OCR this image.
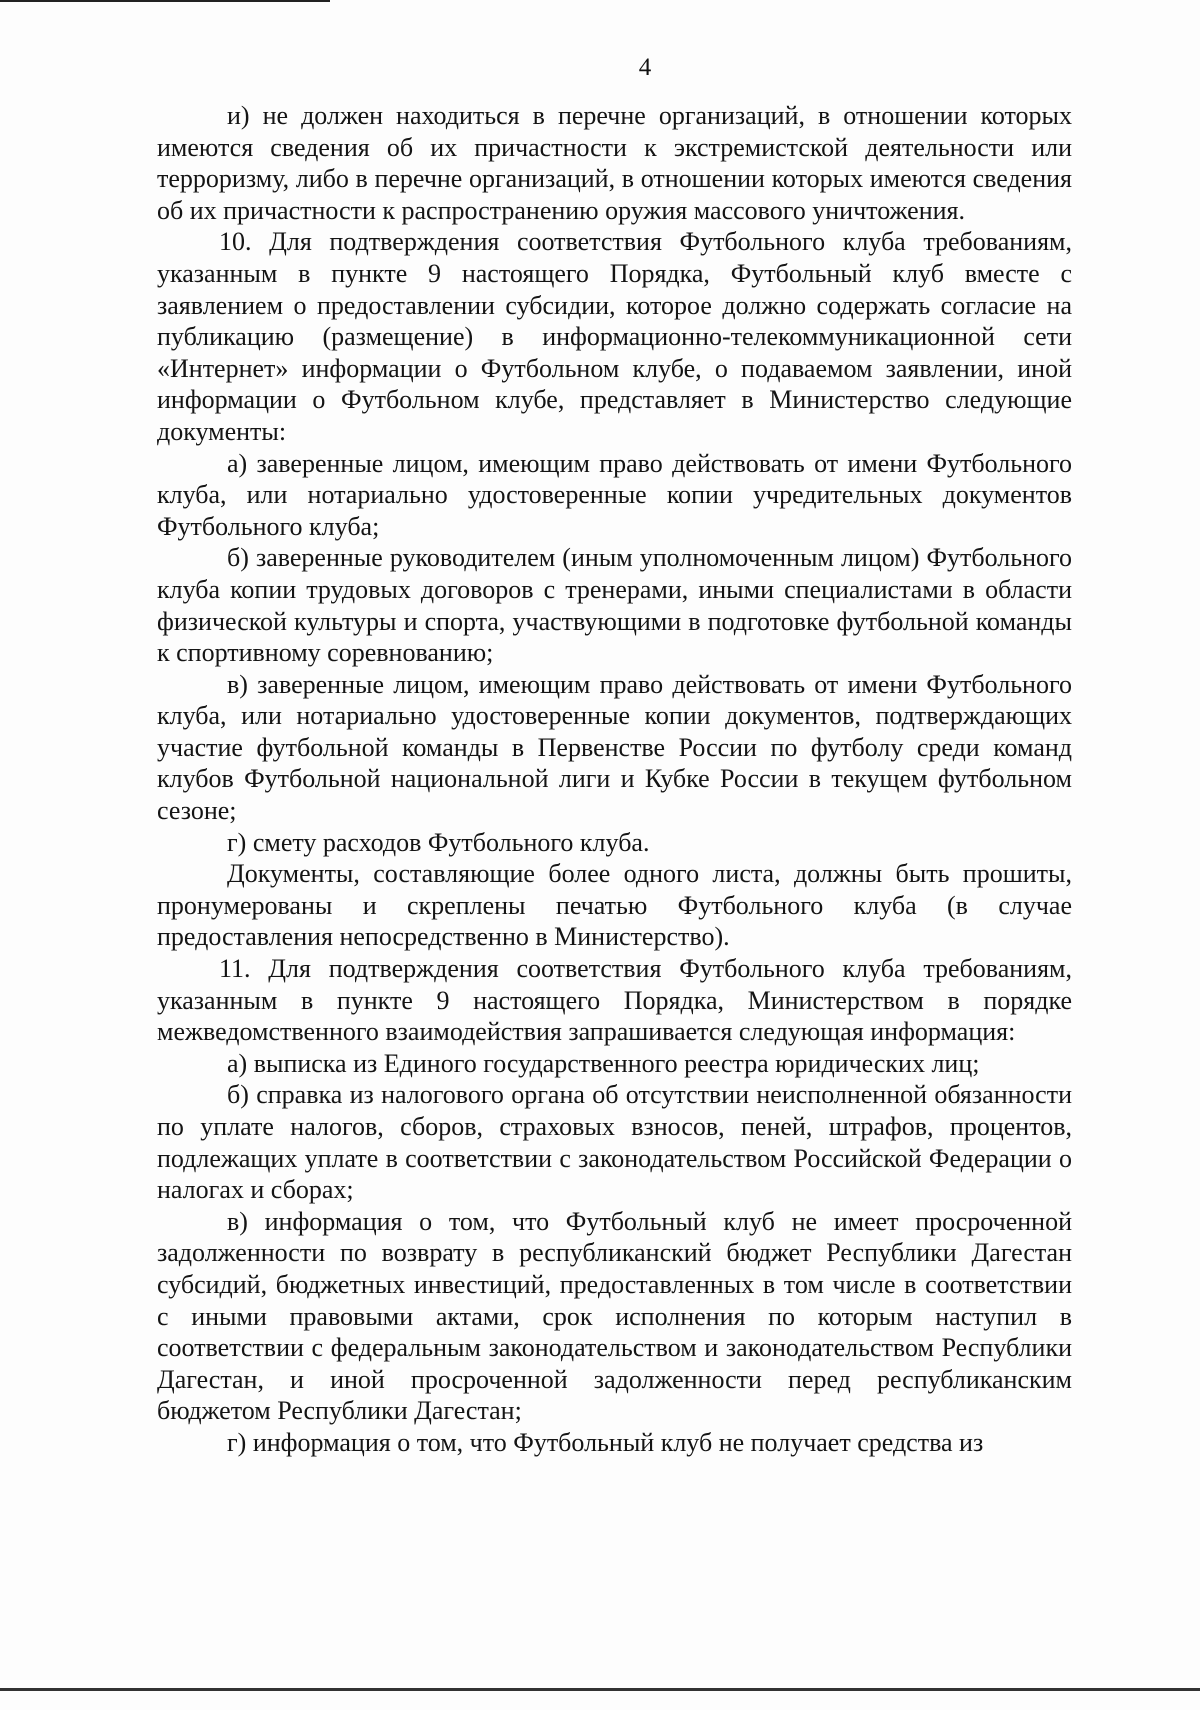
4

и) не должен находиться в перечне организаций, в отношении которых имеются сведения об их причастности к экстремистской деятельности или терроризму, либо в перечне организаций, в отношении которых имеются сведения об их причастности к распространению оружия массового уничтожения.

10. Для подтверждения соответствия Футбольного клуба требованиям, указанным в пункте 9 настоящего Порядка, Футбольный клуб вместе с заявлением о предоставлении субсидии, которое должно содержать согласие на публикацию (размещение) в информационно-телекоммуникационной сети «Интернет» информации о Футбольном клубе, о подаваемом заявлении, иной информации о Футбольном клубе, представляет в Министерство следующие документы:

а) заверенные лицом, имеющим право действовать от имени Футбольного клуба, или нотариально удостоверенные копии учредительных документов Футбольного клуба;

б) заверенные руководителем (иным уполномоченным лицом) Футбольного клуба копии трудовых договоров с тренерами, иными специалистами в области физической культуры и спорта, участвующими в подготовке футбольной команды к спортивному соревнованию;

в) заверенные лицом, имеющим право действовать от имени Футбольного клуба, или нотариально удостоверенные копии документов, подтверждающих участие футбольной команды в Первенстве России по футболу среди команд клубов Футбольной национальной лиги и Кубке России в текущем футбольном сезоне;

г) смету расходов Футбольного клуба.

Документы, составляющие более одного листа, должны быть прошиты, пронумерованы и скреплены печатью Футбольного клуба (в случае предоставления непосредственно в Министерство).

11. Для подтверждения соответствия Футбольного клуба требованиям, указанным в пункте 9 настоящего Порядка, Министерством в порядке межведомственного взаимодействия запрашивается следующая информация:

а) выписка из Единого государственного реестра юридических лиц;

б) справка из налогового органа об отсутствии неисполненной обязанности по уплате налогов, сборов, страховых взносов, пеней, штрафов, процентов, подлежащих уплате в соответствии с законодательством Российской Федерации о налогах и сборах;

в) информация о том, что Футбольный клуб не имеет просроченной задолженности по возврату в республиканский бюджет Республики Дагестан субсидий, бюджетных инвестиций, предоставленных в том числе в соответствии с иными правовыми актами, срок исполнения по которым наступил в соответствии с федеральным законодательством и законодательством Республики Дагестан, и иной просроченной задолженности перед республиканским бюджетом Республики Дагестан;

г) информация о том, что Футбольный клуб не получает средства из
